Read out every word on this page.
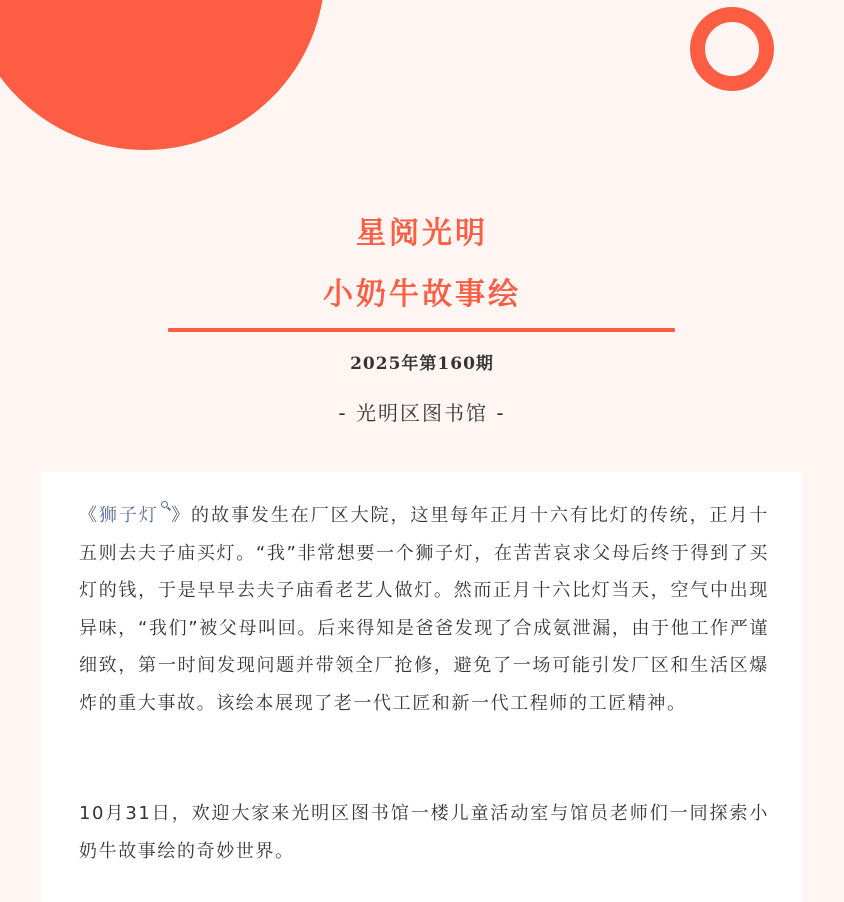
星阅光明
小奶牛故事绘
2025年第160期
- 光明区图书馆 -

《狮子灯 》的故事发生在厂区大院，这里每年正月十六有比灯的传统，正月十五则去夫子庙买灯。“我”非常想要一个狮子灯，在苦苦哀求父母后终于得到了买灯的钱，于是早早去夫子庙看老艺人做灯。然而正月十六比灯当天，空气中出现异味，“我们”被父母叫回。后来得知是爸爸发现了合成氨泄漏，由于他工作严谨细致，第一时间发现问题并带领全厂抢修，避免了一场可能引发厂区和生活区爆炸的重大事故。该绘本展现了老一代工匠和新一代工程师的工匠精神。

10月31日，欢迎大家来光明区图书馆一楼儿童活动室与馆员老师们一同探索小奶牛故事绘的奇妙世界。
